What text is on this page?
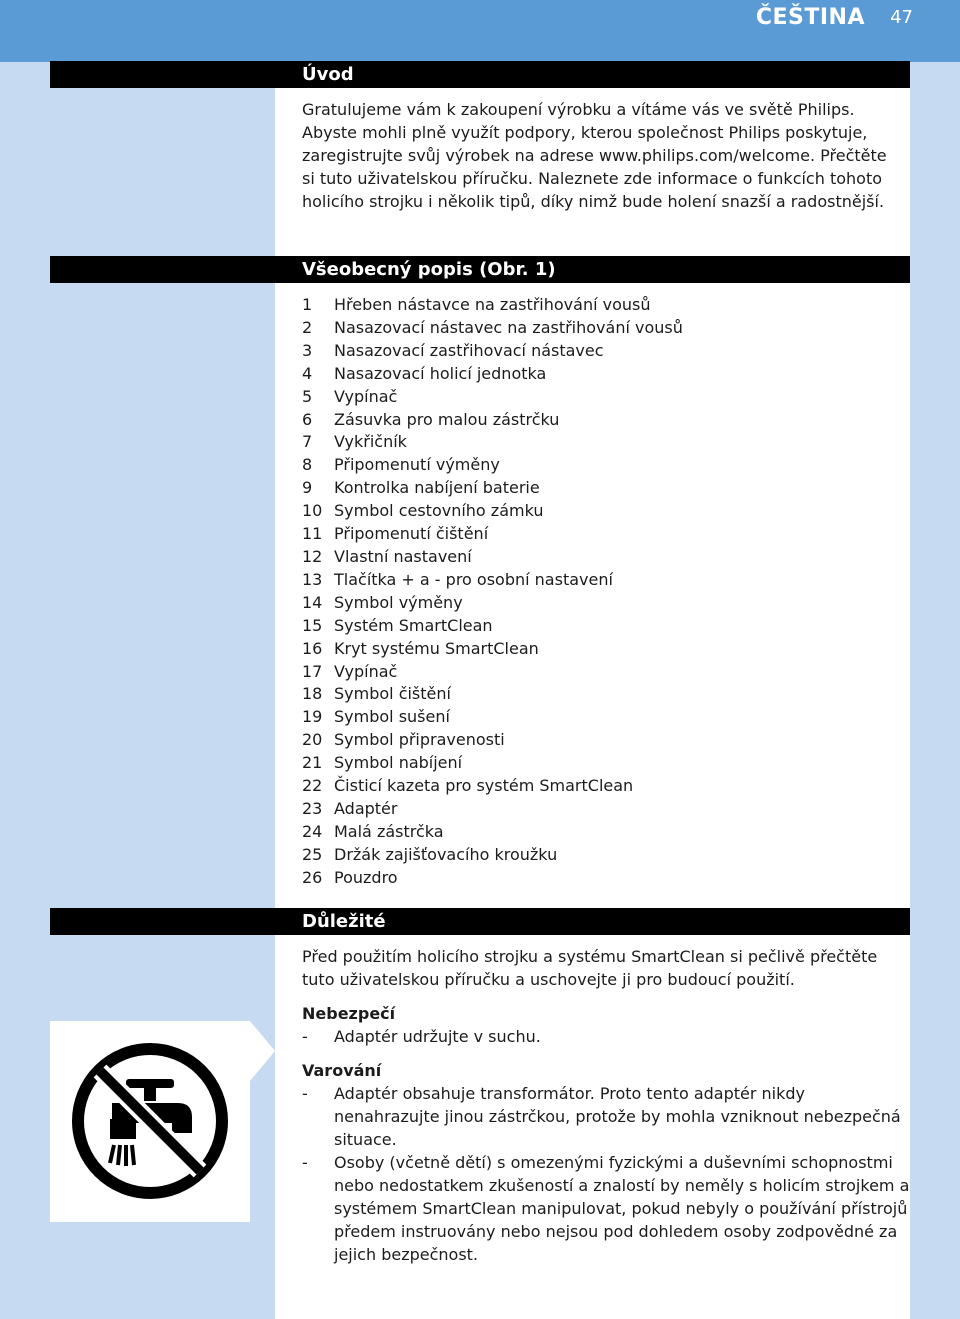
ČEŠTINA 47
Úvod
Gratulujeme vám k zakoupení výrobku a vítáme vás ve světě Philips. Abyste mohli plně využít podpory, kterou společnost Philips poskytuje, zaregistrujte svůj výrobek na adrese www.philips.com/welcome. Přečtěte si tuto uživatelskou příručku. Naleznete zde informace o funkcích tohoto holicího strojku i několik tipů, díky nimž bude holení snazší a radostnější.
Všeobecný popis (Obr. 1)
1	Hřeben nástavce na zastřihování vousů
2	Nasazovací nástavec na zastřihování vousů
3	Nasazovací zastřihovací nástavec
4	Nasazovací holicí jednotka
5	Vypínač
6	Zásuvka pro malou zástrčku
7	Vykřičník
8	Připomenutí výměny
9	Kontrolka nabíjení baterie
10 Symbol cestovního zámku
11 Připomenutí čištění
12 Vlastní nastavení
13 Tlačítka + a - pro osobní nastavení
14 Symbol výměny
15 Systém SmartClean
16 Kryt systému SmartClean
17 Vypínač
18 Symbol čištění
19 Symbol sušení
20 Symbol připravenosti
21 Symbol nabíjení
22 Čisticí kazeta pro systém SmartClean
23 Adaptér
24 Malá zástrčka
25 Držák zajišťovacího kroužku
26 Pouzdro
Důležité
Před použitím holicího strojku a systému SmartClean si pečlivě přečtěte tuto uživatelskou příručku a uschovejte ji pro budoucí použití.
Nebezpečí
-	Adaptér udržujte v suchu.
Varování
-	Adaptér obsahuje transformátor. Proto tento adaptér nikdy nenahrazujte jinou zástrčkou, protože by mohla vzniknout nebezpečná situace.
-	Osoby (včetně dětí) s omezenými fyzickými a duševními schopnostmi nebo nedostatkem zkušeností a znalostí by neměly s holicím strojkem a systémem SmartClean manipulovat, pokud nebyly o používání přístrojů předem instruovány nebo nejsou pod dohledem osoby zodpovědné za jejich bezpečnost.
